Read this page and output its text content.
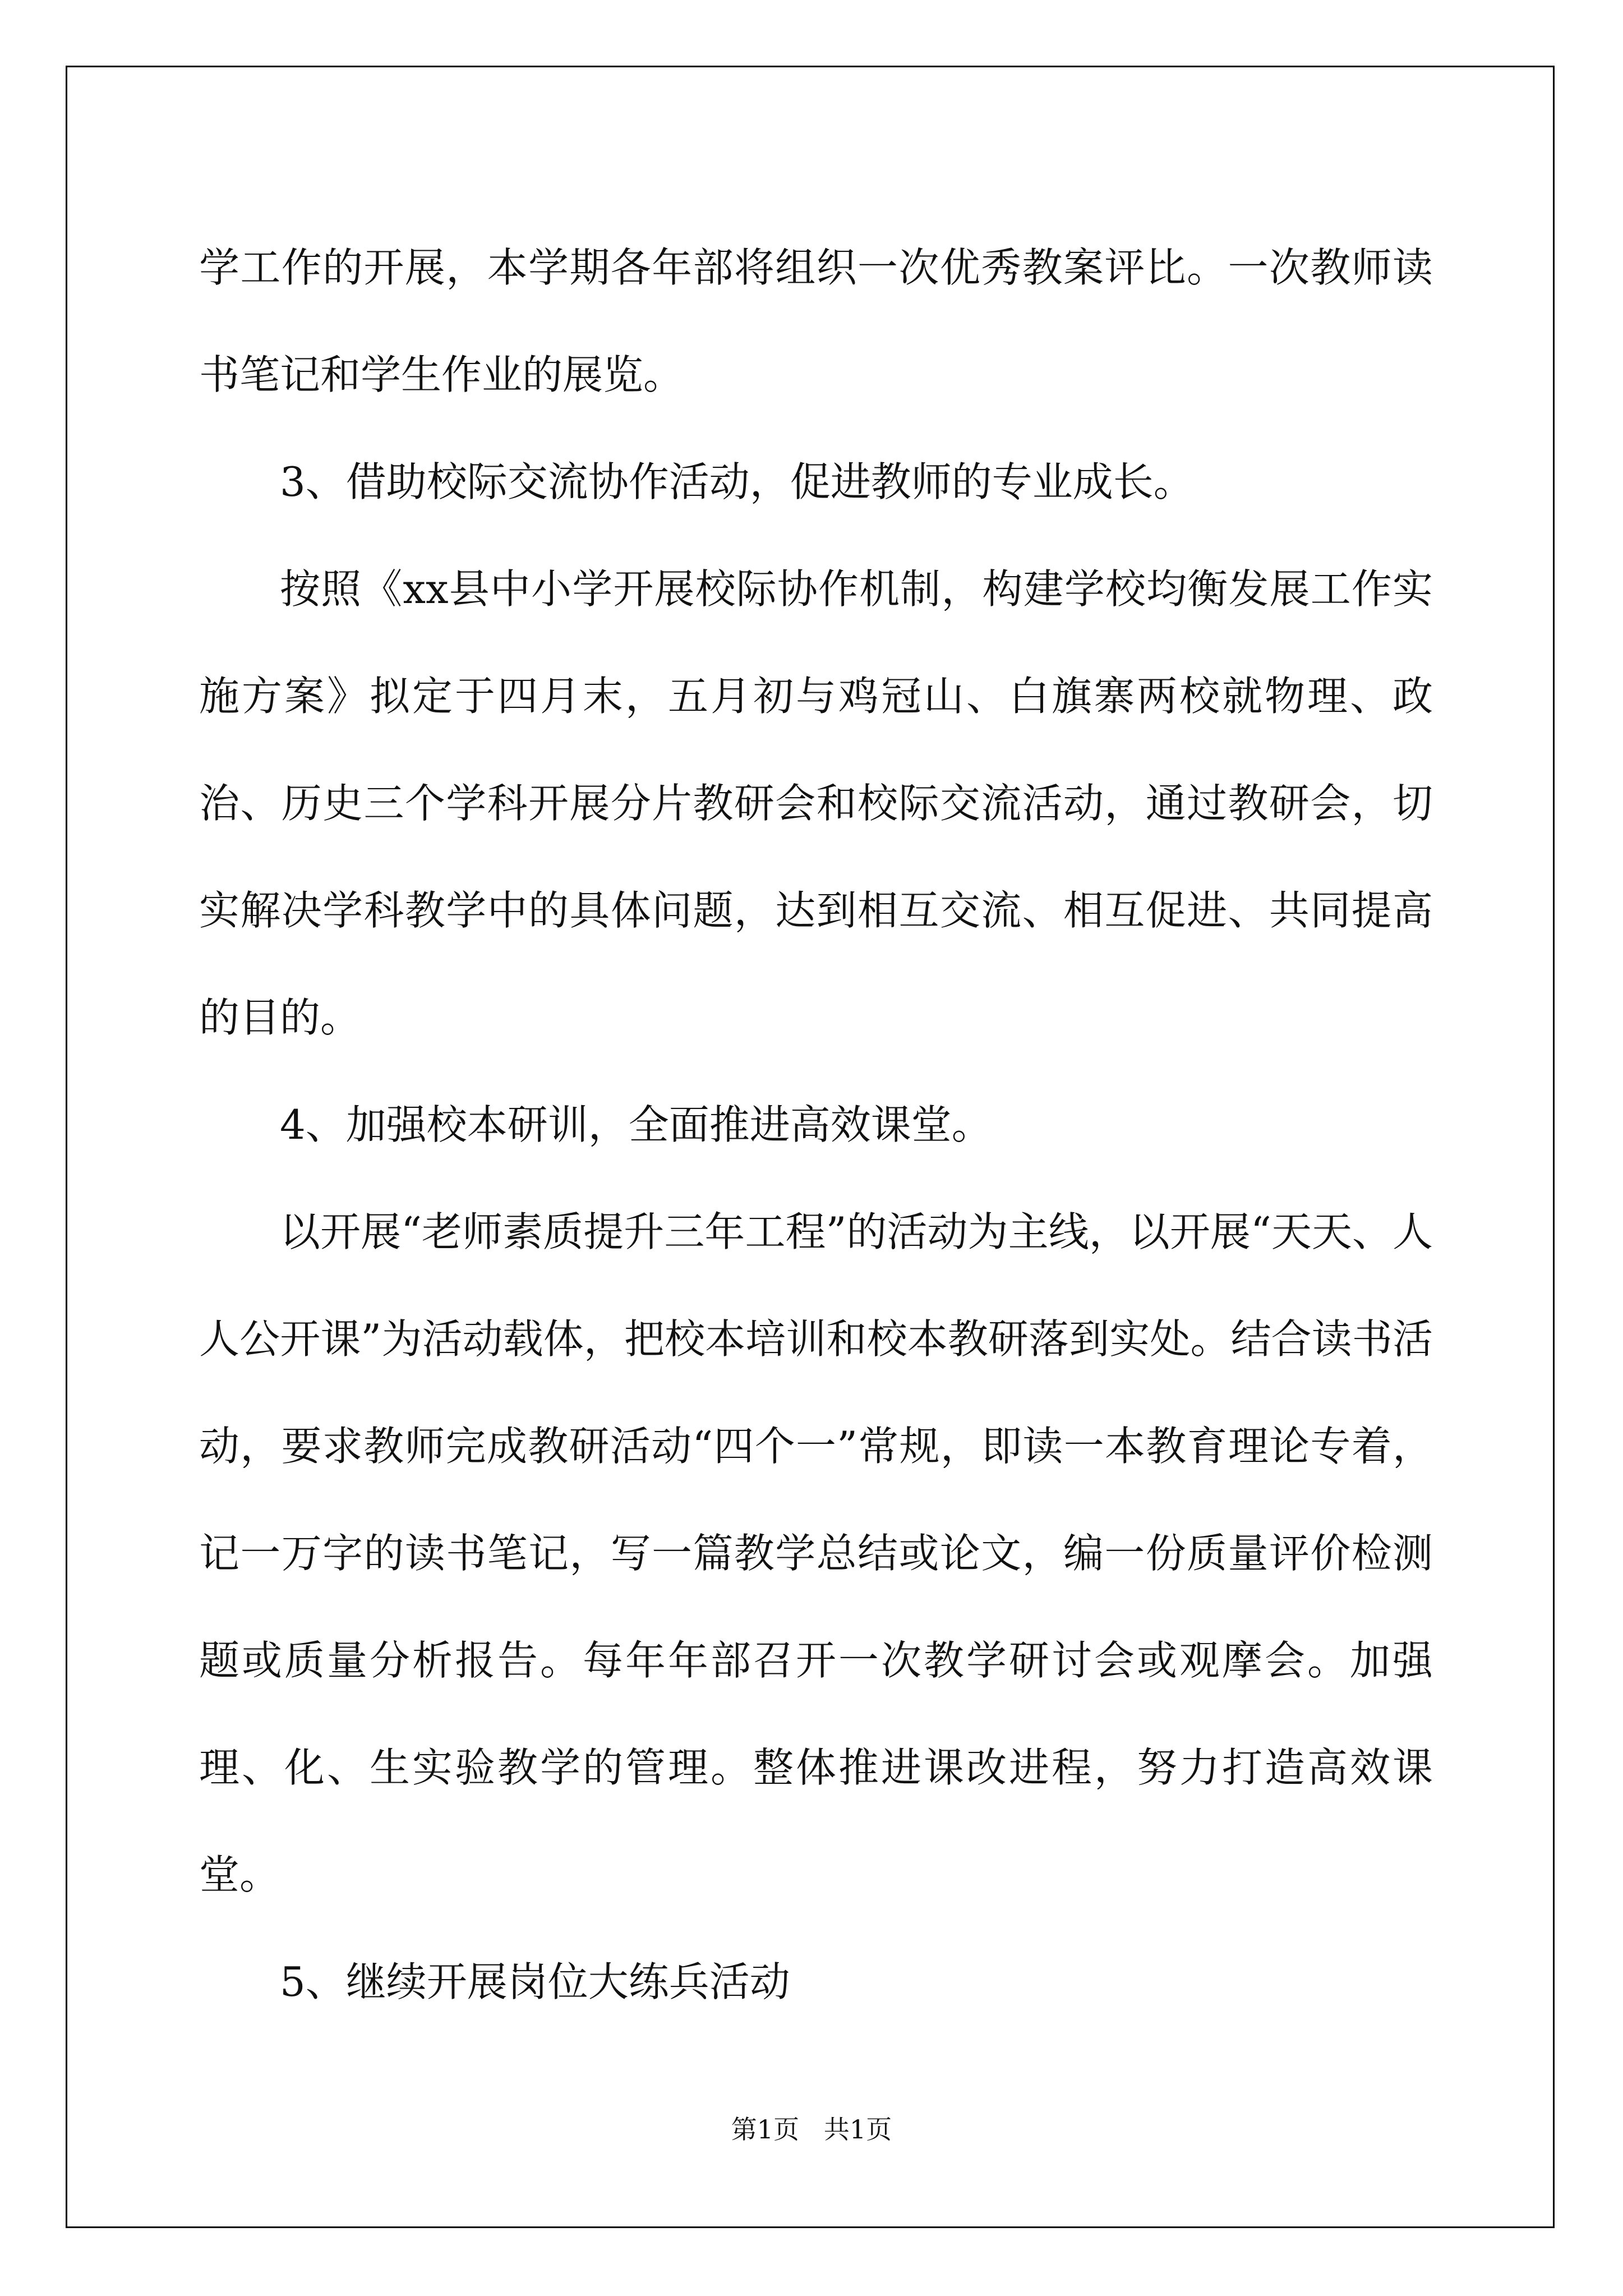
学工作的开展，本学期各年部将组织一次优秀教案评比。一次教师读书笔记和学生作业的展览。

3、借助校际交流协作活动，促进教师的专业成长。

按照《xx县中小学开展校际协作机制，构建学校均衡发展工作实施方案》拟定于四月末，五月初与鸡冠山、白旗寨两校就物理、政治、历史三个学科开展分片教研会和校际交流活动，通过教研会，切实解决学科教学中的具体问题，达到相互交流、相互促进、共同提高的目的。

4、加强校本研训，全面推进高效课堂。

以开展“老师素质提升三年工程”的活动为主线，以开展“天天、人人公开课”为活动载体，把校本培训和校本教研落到实处。结合读书活动，要求教师完成教研活动“四个一”常规，即读一本教育理论专着，记一万字的读书笔记，写一篇教学总结或论文，编一份质量评价检测题或质量分析报告。每年年部召开一次教学研讨会或观摩会。加强理、化、生实验教学的管理。整体推进课改进程，努力打造高效课堂。

5、继续开展岗位大练兵活动

第1页   共1页
